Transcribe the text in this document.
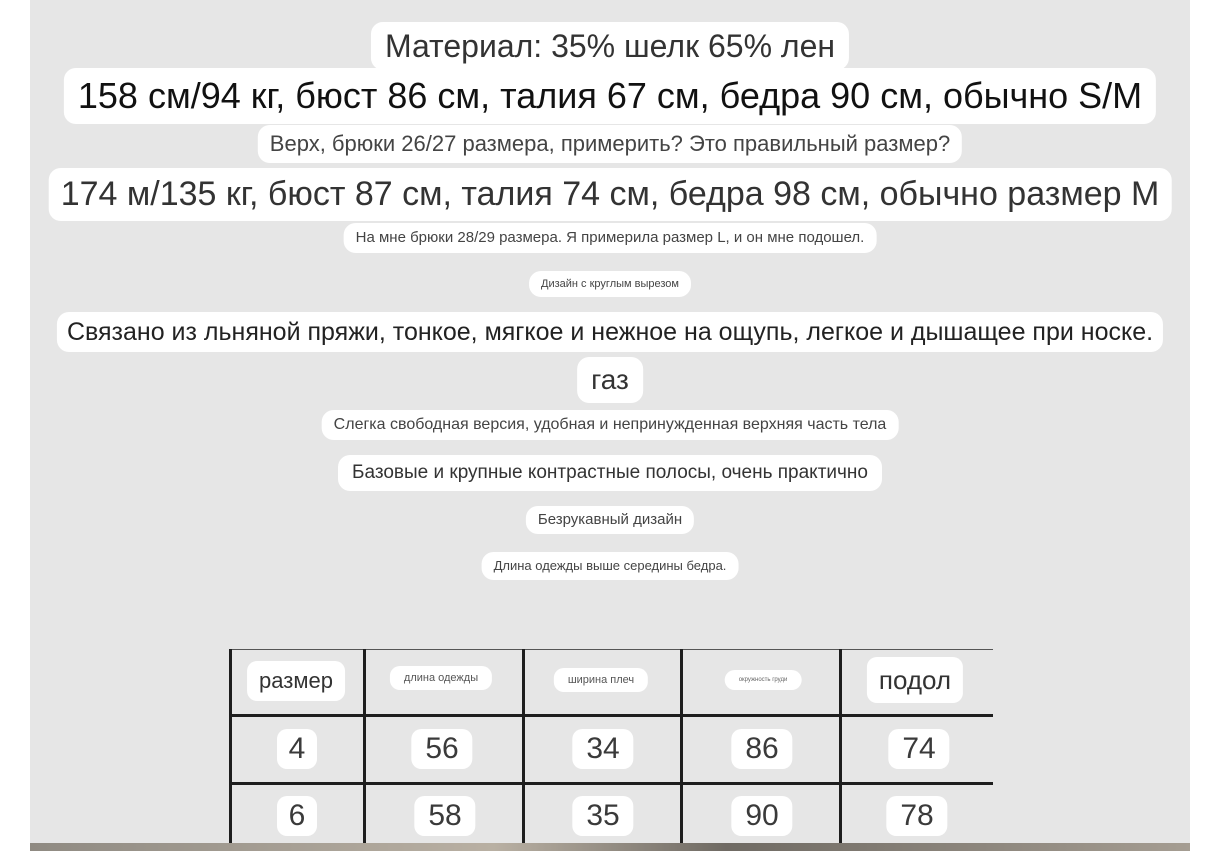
Материал: 35% шелк 65% лен
158 см/94 кг, бюст 86 см, талия 67 см, бедра 90 см, обычно S/M
Верх, брюки 26/27 размера, примерить? Это правильный размер?
174 м/135 кг, бюст 87 см, талия 74 см, бедра 98 см, обычно размер M
На мне брюки 28/29 размера. Я примерила размер L, и он мне подошел.
Дизайн с круглым вырезом
Связано из льняной пряжи, тонкое, мягкое и нежное на ощупь, легкое и дышащее при носке.
газ
Слегка свободная версия, удобная и непринужденная верхняя часть тела
Базовые и крупные контрастные полосы, очень практично
Безрукавный дизайн
Длина одежды выше середины бедра.
размер	длина одежды	ширина плеч	окружность груди	подол
4	56	34	86	74
6	58	35	90	78
